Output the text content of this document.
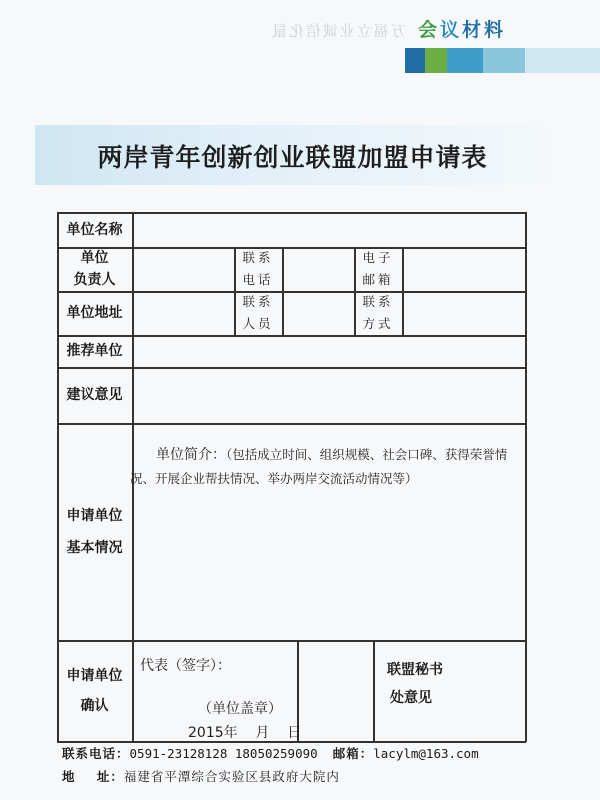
万福立业诚信化鼠 会议材料
两岸青年创新创业联盟加盟申请表
单位名称
单位
负责人
联系
电话
电子
邮箱
单位地址
联系
人员
联系
方式
推荐单位
建议意见
申请单位
基本情况
申请单位
确认
联盟秘书
处意见
单位简介：（包括成立时间、组织规模、社会口碑、获得荣誉情况、开展企业帮扶情况、举办两岸交流活动情况等）
代表（签字）：
（单位盖章）
2015年    月    日
联系电话：0591-23128128 18050259090 邮箱：lacylm@163.com
地    址：福建省平潭综合实验区县政府大院内
